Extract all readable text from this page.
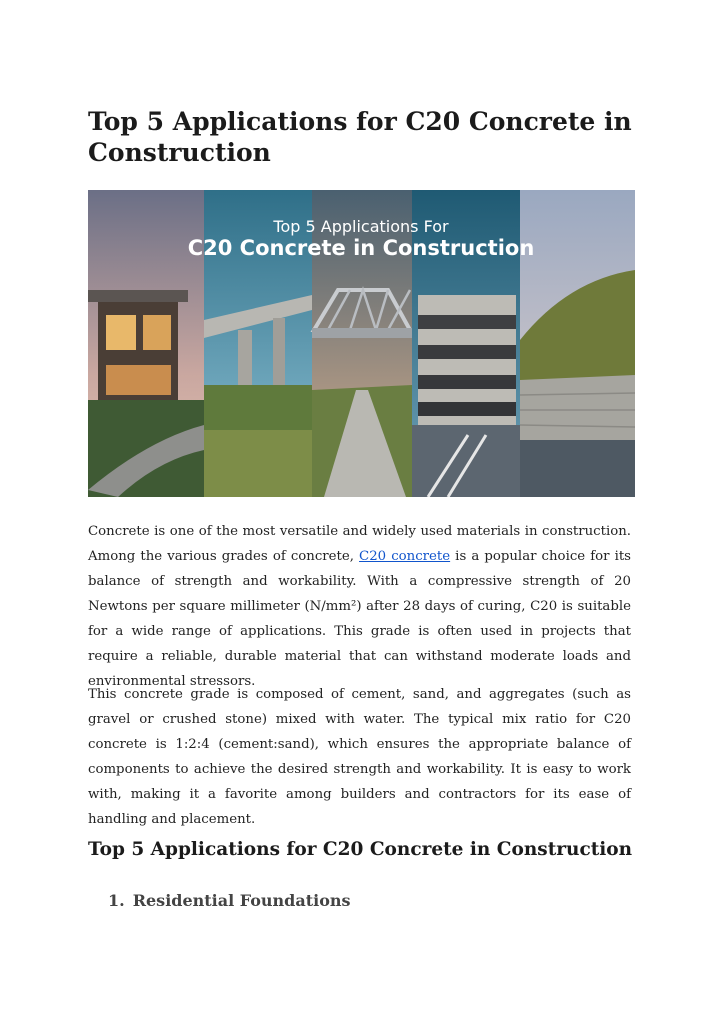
Top 5 Applications for C20 Concrete in Construction
Top 5 Applications For
C20 Concrete in Construction

Concrete is one of the most versatile and widely used materials in construction. Among the various grades of concrete, C20 concrete is a popular choice for its balance of strength and workability. With a compressive strength of 20 Newtons per square millimeter (N/mm²) after 28 days of curing, C20 is suitable for a wide range of applications. This grade is often used in projects that require a reliable, durable material that can withstand moderate loads and environmental stressors.

This concrete grade is composed of cement, sand, and aggregates (such as gravel or crushed stone) mixed with water. The typical mix ratio for C20 concrete is 1:2:4 (cement:sand), which ensures the appropriate balance of components to achieve the desired strength and workability. It is easy to work with, making it a favorite among builders and contractors for its ease of handling and placement.

Top 5 Applications for C20 Concrete in Construction
1. Residential Foundations
